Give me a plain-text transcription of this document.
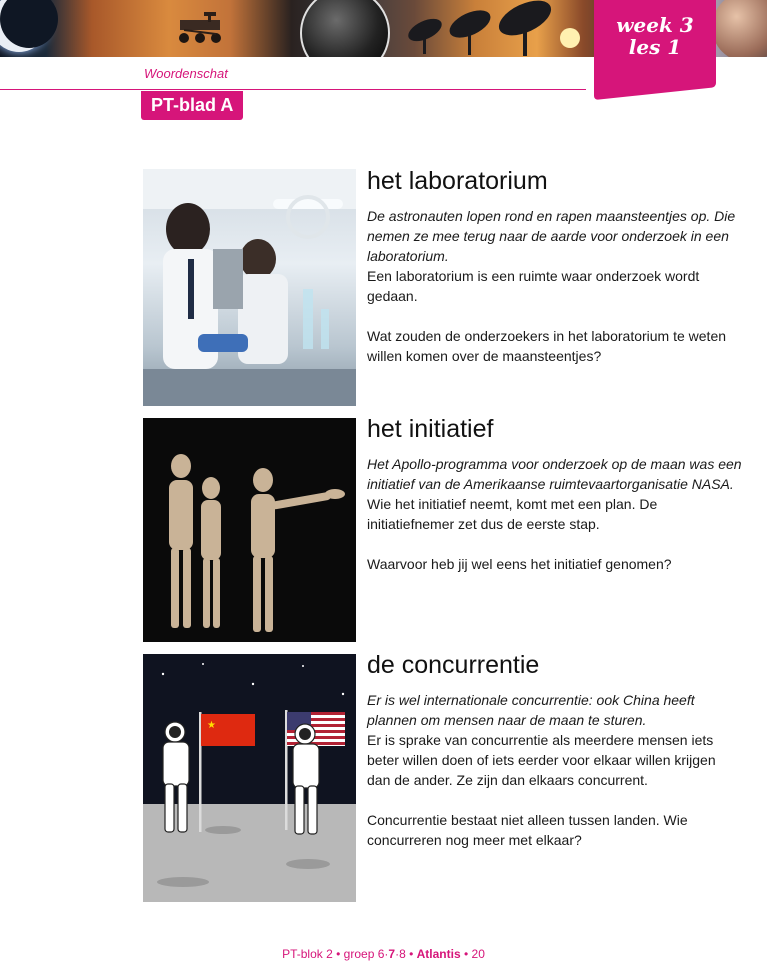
week 3
les 1
Woordenschat
PT-blad A
het laboratorium

De astronauten lopen rond en rapen maansteentjes op. Die nemen ze mee terug naar de aarde voor onderzoek in een laboratorium.

Een laboratorium is een ruimte waar onderzoek wordt gedaan.

Wat zouden de onderzoekers in het laboratorium te weten willen komen over de maansteentjes?

het initiatief

Het Apollo-programma voor onderzoek op de maan was een initiatief van de Amerikaanse ruimtevaartorganisatie NASA.

Wie het initiatief neemt, komt met een plan. De initiatiefnemer zet dus de eerste stap.

Waarvoor heb jij wel eens het initiatief genomen?

★
de concurrentie

Er is wel internationale concurrentie: ook China heeft plannen om mensen naar de maan te sturen.

Er is sprake van concurrentie als meerdere mensen iets beter willen doen of iets eerder voor elkaar willen krijgen dan de ander. Ze zijn dan elkaars concurrent.

Concurrentie bestaat niet alleen tussen landen. Wie concurreren nog meer met elkaar?

PT-blok 2 • groep 6·7·8 • Atlantis • 20
